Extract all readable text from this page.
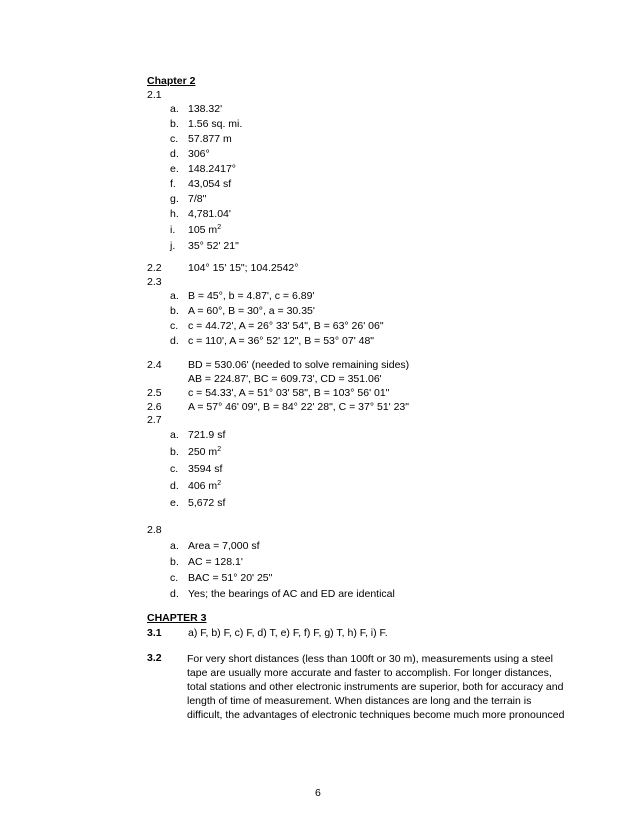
Chapter 2
2.1
a. 138.32'
b. 1.56 sq. mi.
c. 57.877 m
d. 306°
e. 148.2417°
f. 43,054 sf
g. 7/8"
h. 4,781.04'
i. 105 $m^2$
j. 35° 52' 21"
2.2	104° 15' 15"; 104.2542°
2.3
a. B = 45°, b = 4.87', c = 6.89'
b. A = 60°, B = 30°, a = 30.35'
c. c = 44.72', A = 26° 33' 54", B = 63° 26' 06"
d. c = 110', A = 36° 52' 12", B = 53° 07' 48"
2.4	BD = 530.06' (needed to solve remaining sides)
AB = 224.87', BC = 609.73', CD = 351.06'
2.5	c = 54.33', A = 51° 03' 58", B = 103° 56' 01"
2.6	A = 57° 46' 09", B = 84° 22' 28", C = 37° 51' 23"
2.7
a. 721.9 sf
b. 250 $m^2$
c. 3594 sf
d. 406 $m^2$
e. 5,672 sf
2.8
a. Area = 7,000 sf
b. AC = 128.1'
c. BAC = 51° 20' 25"
d. Yes; the bearings of AC and ED are identical
CHAPTER 3
3.1	a) F, b) F, c) F, d) T, e) F, f) F, g) T, h) F, i) F.
3.2 For very short distances (less than 100ft or 30 m), measurements using a steel tape are usually more accurate and faster to accomplish. For longer distances, total stations and other electronic instruments are superior, both for accuracy and length of time of measurement. When distances are long and the terrain is difficult, the advantages of electronic techniques become much more pronounced
6
